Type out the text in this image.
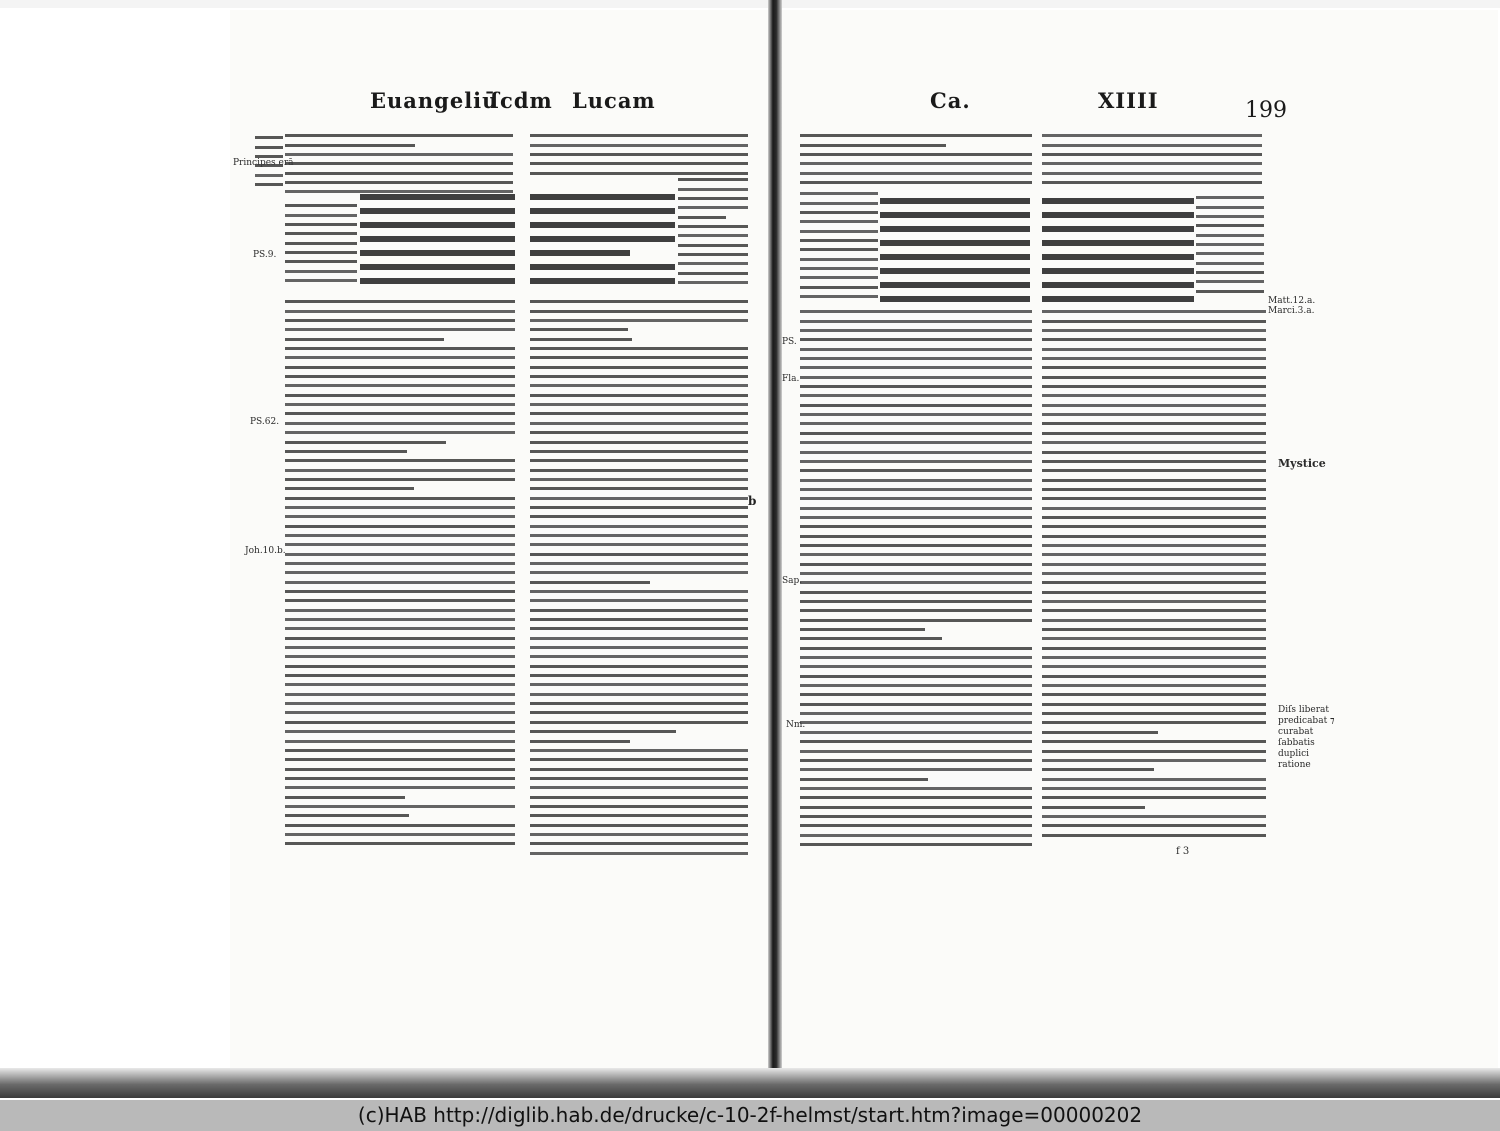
Euangeliū
ſcdm Lucam	Ca.	XIIII	199
Principes erā
PS.9.
PS.62.
Joh.10.b.
b
PS.
Sap.
Fla.
Nm.
Mystice
Matt.12.a.
Marci.3.a.
Diſs liberat predicabat ⁊ curabat ſabbatis duplici ratione
f 3
(c)HAB http://diglib.hab.de/drucke/c-10-2f-helmst/start.htm?image=00000202
